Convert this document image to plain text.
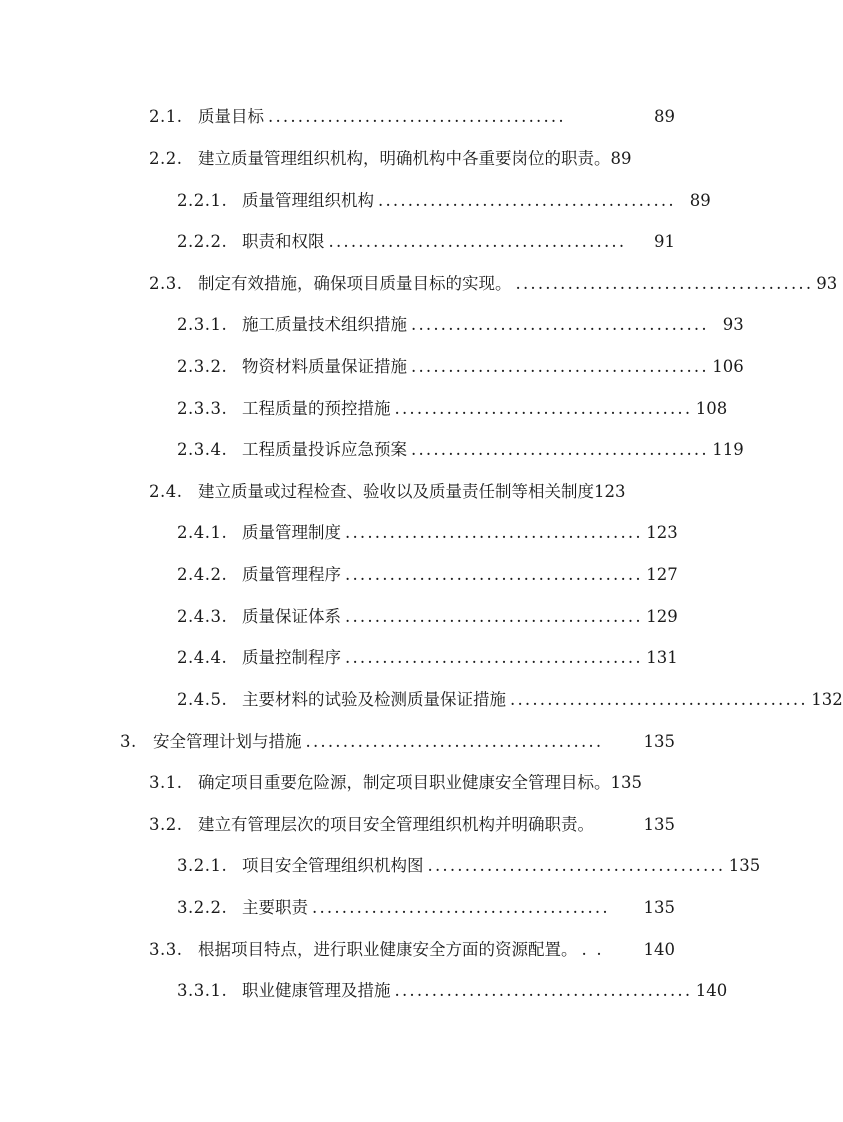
2.1. 质量目标 ........................................	89
2.2. 建立质量管理组织机构，明确机构中各重要岗位的职责。 89
2.2.1. 质量管理组织机构 ........................................ 89
2.2.2. 职责和权限 ........................................	91
2.3. 制定有效措施，确保项目质量目标的实现。 ........................................ 93
2.3.1. 施工质量技术组织措施 ........................................ 93
2.3.2. 物资材料质量保证措施 ........................................ 106
2.3.3. 工程质量的预控措施 ........................................ 108
2.3.4. 工程质量投诉应急预案 ........................................ 119
2.4. 建立质量或过程检查、验收以及质量责任制等相关制度 123
2.4.1. 质量管理制度 ........................................ 123
2.4.2. 质量管理程序 ........................................ 127
2.4.3. 质量保证体系 ........................................ 129
2.4.4. 质量控制程序 ........................................ 131
2.4.5. 主要材料的试验及检测质量保证措施 ........................................ 132
3. 安全管理计划与措施 ........................................	135
3.1. 确定项目重要危险源，制定项目职业健康安全管理目标。 135
3.2. 建立有管理层次的项目安全管理组织机构并明确职责。	135
3.2.1. 项目安全管理组织机构图 ........................................ 135
3.2.2. 主要职责 ........................................	135
3.3. 根据项目特点，进行职业健康安全方面的资源配置。 . .	140
3.3.1. 职业健康管理及措施 ........................................ 140
